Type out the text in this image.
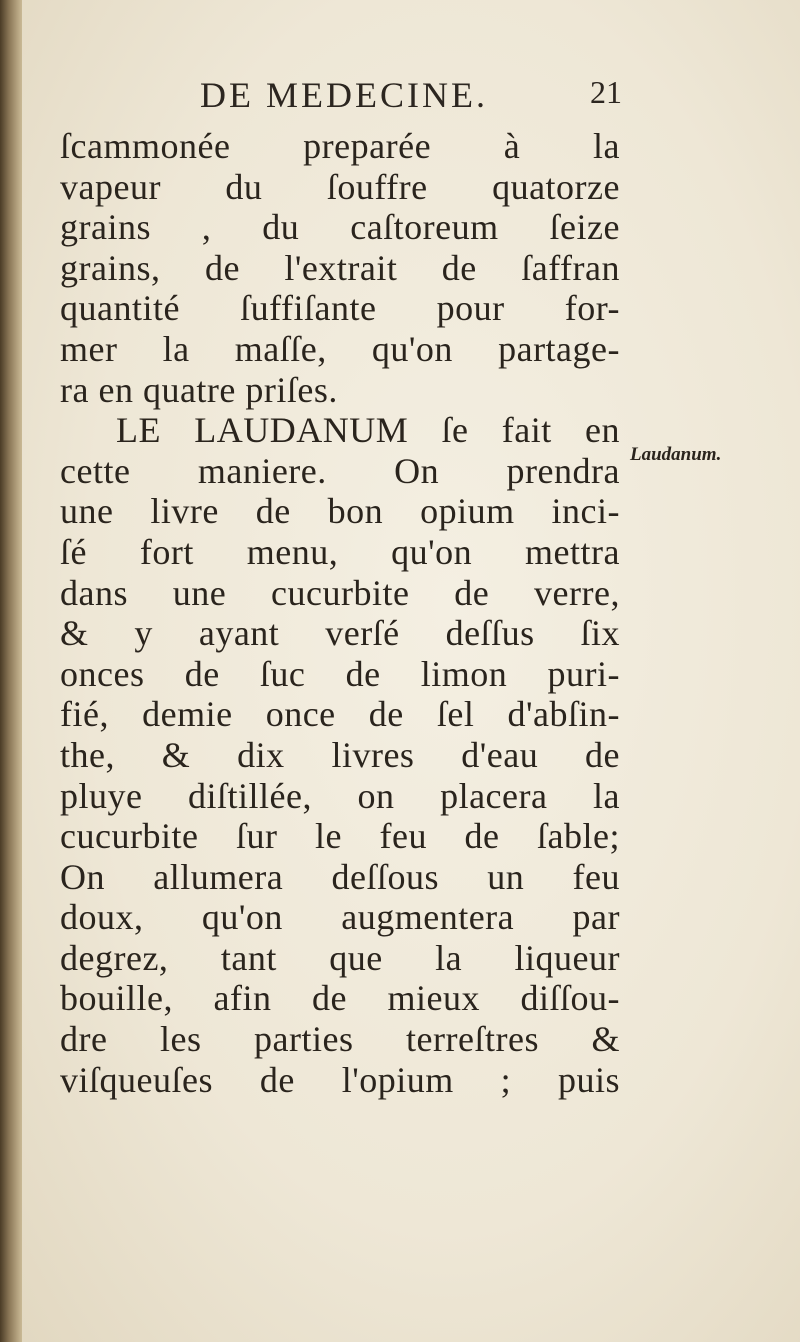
DE MEDECINE.	21
ſcammonée preparée à la
vapeur du ſouffre quatorze
grains , du caſtoreum ſeize
grains, de l'extrait de ſaffran
quantité ſuffiſante pour for-
mer la maſſe, qu'on partage-
ra en quatre priſes.
LE LAUDANUM ſe fait en
cette maniere. On prendra
une livre de bon opium inci-
ſé fort menu, qu'on mettra
dans une cucurbite de verre,
& y ayant verſé deſſus ſix
onces de ſuc de limon puri-
fié, demie once de ſel d'abſin-
the, & dix livres d'eau de
pluye diſtillée, on placera la
cucurbite ſur le feu de ſable;
On allumera deſſous un feu
doux, qu'on augmentera par
degrez, tant que la liqueur
bouille, afin de mieux diſſou-
dre les parties terreſtres &
viſqueuſes de l'opium ; puis
Laudanum.
